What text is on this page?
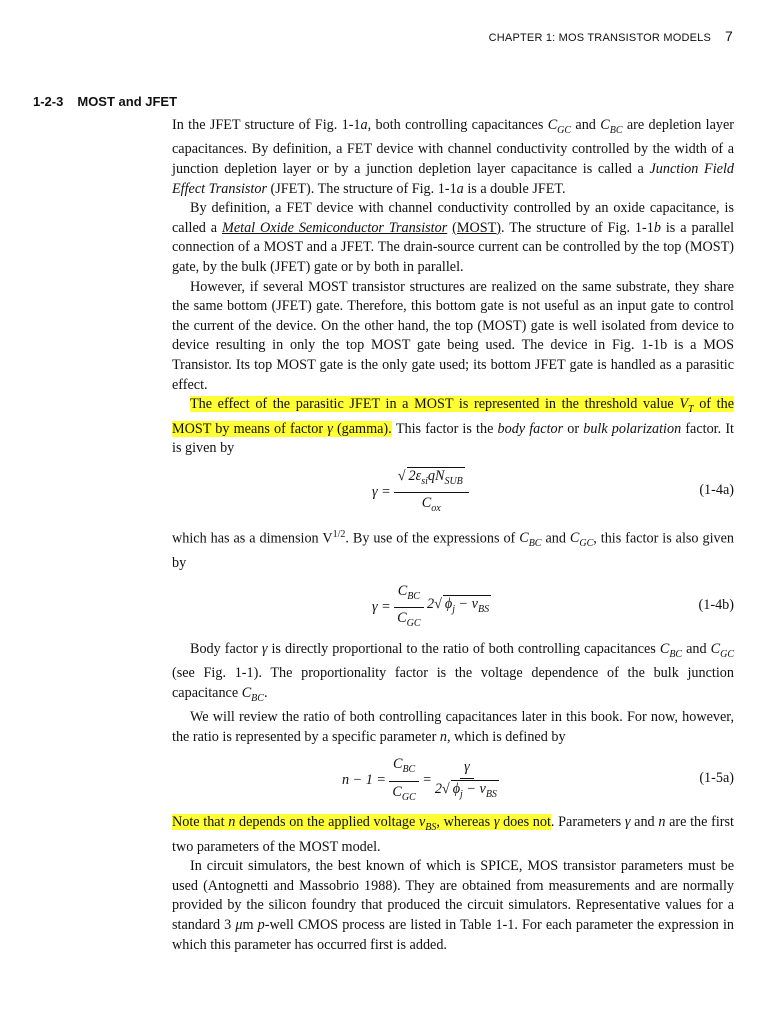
CHAPTER 1: MOS TRANSISTOR MODELS 7
1-2-3 MOST and JFET

In the JFET structure of Fig. 1-1a, both controlling capacitances $C_{GC}$ and $C_{BC}$ are depletion layer capacitances. By definition, a FET device with channel conductivity controlled by the width of a junction depletion layer or by a junction depletion layer capacitance is called a Junction Field Effect Transistor (JFET). The structure of Fig. 1-1a is a double JFET.

By definition, a FET device with channel conductivity controlled by an oxide capacitance, is called a Metal Oxide Semiconductor Transistor (MOST). The structure of Fig. 1-1b is a parallel connection of a MOST and a JFET. The drain-source current can be controlled by the top (MOST) gate, by the bulk (JFET) gate or by both in parallel.

However, if several MOST transistor structures are realized on the same substrate, they share the same bottom (JFET) gate. Therefore, this bottom gate is not useful as an input gate to control the current of the device. On the other hand, the top (MOST) gate is well isolated from device to device resulting in only the top MOST gate being used. The device in Fig. 1-1b is a MOS Transistor. Its top MOST gate is the only gate used; its bottom JFET gate is handled as a parasitic effect.

The effect of the parasitic JFET in a MOST is represented in the threshold value $V_T$ of the MOST by means of factor γ (gamma). This factor is the body factor or bulk polarization factor. It is given by

$\gamma = \frac{√ 2\varepsilon_{si}qN_{SUB}}{C_{ox}}$	(1-4a)

which has as a dimension $V^{1/2}$. By use of the expressions of $C_{BC}$ and $C_{GC}$, this factor is also given by

$\gamma = \frac{C_{BC}}{C_{GC}} 2√$ $\phi_j - v_{BS}$	(1-4b)

Body factor γ is directly proportional to the ratio of both controlling capacitances $C_{BC}$ and $C_{GC}$ (see Fig. 1-1). The proportionality factor is the voltage dependence of the bulk junction capacitance $C_{BC}$.

We will review the ratio of both controlling capacitances later in this book. For now, however, the ratio is represented by a specific parameter n, which is defined by

$n - 1 = \frac{C_{BC}}{C_{GC}} = \frac{\gamma}{2√ \phi_j - v_{BS}}$	(1-5a)

Note that n depends on the applied voltage $v_{BS}$, whereas γ does not. Parameters γ and n are the first two parameters of the MOST model.

In circuit simulators, the best known of which is SPICE, MOS transistor parameters must be used (Antognetti and Massobrio 1988). They are obtained from measurements and are normally provided by the silicon foundry that produced the circuit simulators. Representative values for a standard 3 μm p-well CMOS process are listed in Table 1-1. For each parameter the expression in which this parameter has occurred first is added.
